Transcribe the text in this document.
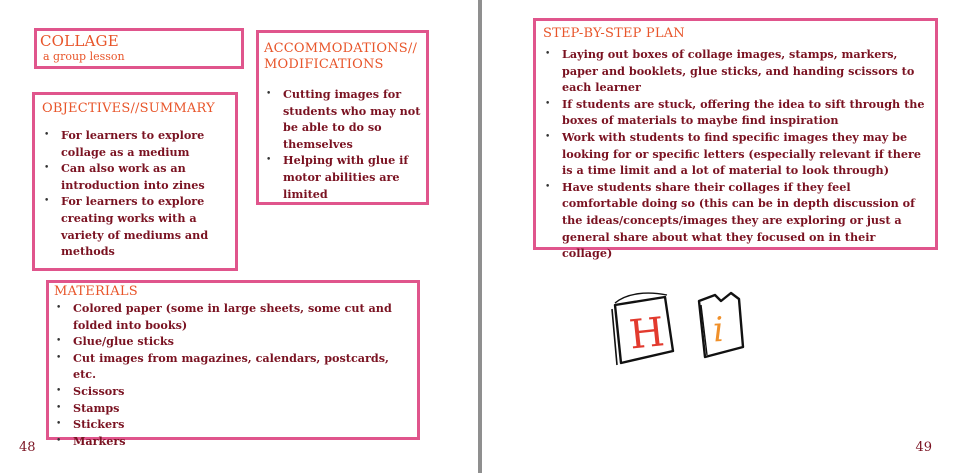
COLLAGE
a group lesson
ACCOMMODATIONS//
MODIFICATIONS
• Cutting images for students who may not be able to do so themselves
• Helping with glue if motor abilities are limited
OBJECTIVES//SUMMARY
• For learners to explore collage as a medium
• Can also work as an introduction into zines
• For learners to explore creating works with a variety of mediums and methods
MATERIALS
• Colored paper (some in large sheets, some cut and folded into books)
• Glue/glue sticks
• Cut images from magazines, calendars, postcards, etc.
• Scissors
• Stamps
• Stickers
• Markers
48
STEP-BY-STEP PLAN
• Laying out boxes of collage images, stamps, markers, paper and booklets, glue sticks, and handing scissors to each learner
• If students are stuck, offering the idea to sift through the boxes of materials to maybe find inspiration
• Work with students to find specific images they may be looking for or specific letters (especially relevant if there is a time limit and a lot of material to look through)
• Have students share their collages if they feel comfortable doing so (this can be in depth discussion of the ideas/concepts/images they are exploring or just a general share about what they focused on in their collage)
H i
49
